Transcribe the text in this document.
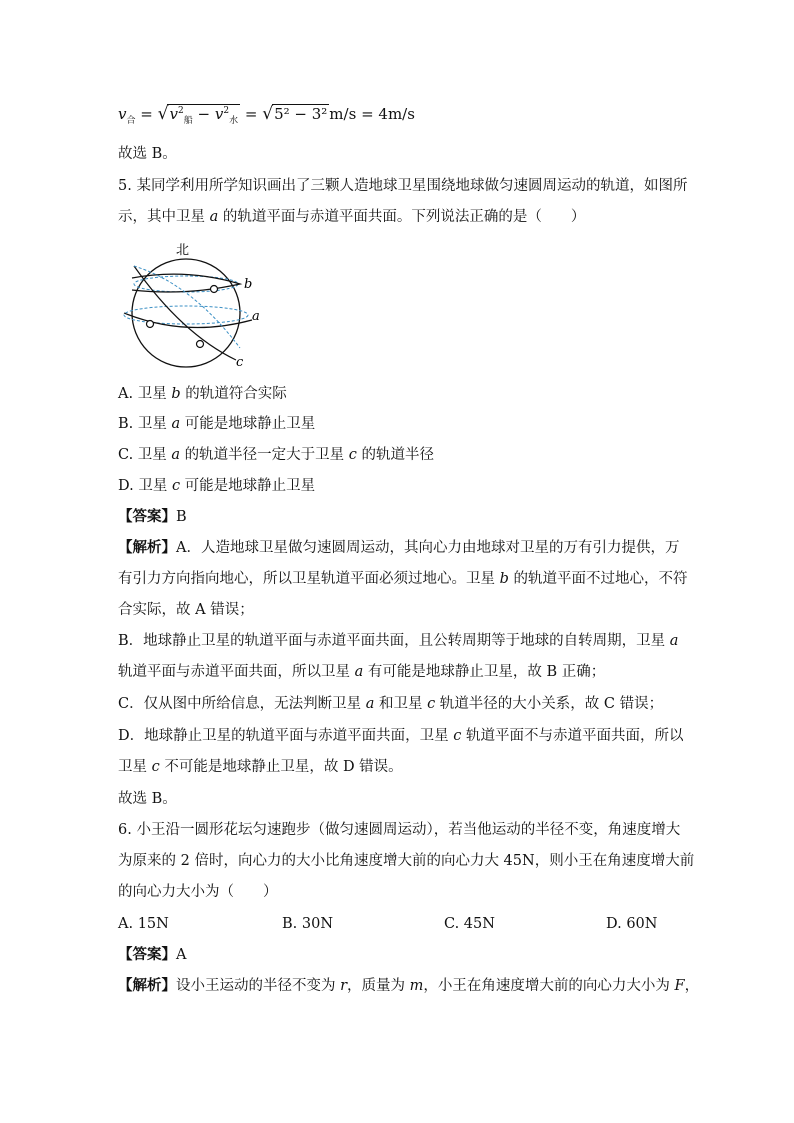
$v_合 = √v^2_船 - v^2_水 = √5^2 - 3^2$ m/s = 4m/s
故选 B。
5. 某同学利用所学知识画出了三颗人造地球卫星围绕地球做匀速圆周运动的轨道，如图所
示，其中卫星 a 的轨道平面与赤道平面共面。下列说法正确的是（　　）
北
b
a
c
A. 卫星 b 的轨道符合实际
B. 卫星 a 可能是地球静止卫星
C. 卫星 a 的轨道半径一定大于卫星 c 的轨道半径
D. 卫星 c 可能是地球静止卫星
【答案】B
【解析】A．人造地球卫星做匀速圆周运动，其向心力由地球对卫星的万有引力提供，万
有引力方向指向地心，所以卫星轨道平面必须过地心。卫星 b 的轨道平面不过地心，不符
合实际，故 A 错误；
B．地球静止卫星的轨道平面与赤道平面共面，且公转周期等于地球的自转周期，卫星 a
轨道平面与赤道平面共面，所以卫星 a 有可能是地球静止卫星，故 B 正确；
C．仅从图中所给信息，无法判断卫星 a 和卫星 c 轨道半径的大小关系，故 C 错误；
D．地球静止卫星的轨道平面与赤道平面共面，卫星 c 轨道平面不与赤道平面共面，所以
卫星 c 不可能是地球静止卫星，故 D 错误。
故选 B。
6. 小王沿一圆形花坛匀速跑步（做匀速圆周运动），若当他运动的半径不变，角速度增大
为原来的 2 倍时，向心力的大小比角速度增大前的向心力大 45N，则小王在角速度增大前
的向心力大小为（　　）
A. 15N	B. 30N	C. 45N	D. 60N
【答案】A
【解析】设小王运动的半径不变为 r，质量为 m，小王在角速度增大前的向心力大小为 F，
